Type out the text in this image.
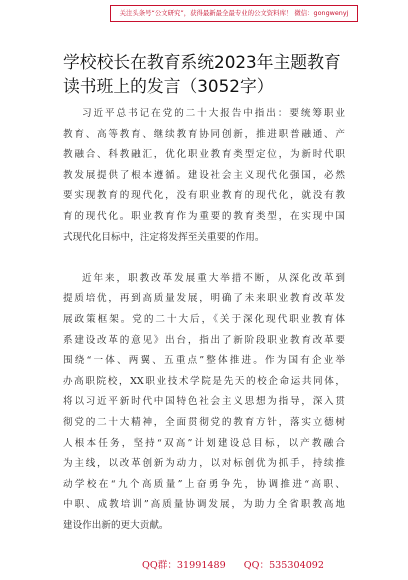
关注头条号“公文研究”，获得最新最全最专业的公文资料库！ 微信：gongwenyj
学校校长在教育系统2023年主题教育读书班上的发言（3052字）
习近平总书记在党的二十大报告中指出：要统筹职业
教育、高等教育、继续教育协同创新，推进职普融通、产
教融合、科教融汇，优化职业教育类型定位，为新时代职
教发展提供了根本遵循。建设社会主义现代化强国，必然
要实现教育的现代化，没有职业教育的现代化，就没有教
育的现代化。职业教育作为重要的教育类型，在实现中国
式现代化目标中，注定将发挥至关重要的作用。
近年来，职教改革发展重大举措不断，从深化改革到
提质培优，再到高质量发展，明确了未来职业教育改革发
展政策框架。党的二十大后，《关于深化现代职业教育体
系建设改革的意见》出台，指出了新阶段职业教育改革要
围绕“一体、两翼、五重点”整体推进。作为国有企业举
办高职院校，XX职业技术学院是先天的校企命运共同体，
将以习近平新时代中国特色社会主义思想为指导，深入贯
彻党的二十大精神，全面贯彻党的教育方针，落实立德树
人根本任务，坚持“双高”计划建设总目标，以产教融合
为主线，以改革创新为动力，以对标创优为抓手，持续推
动学校在“九个高质量”上奋勇争先，协调推进“高职、
中职、成教培训”高质量协调发展，为助力全省职教高地
建设作出新的更大贡献。
QQ群：31991489 QQ：535304092
